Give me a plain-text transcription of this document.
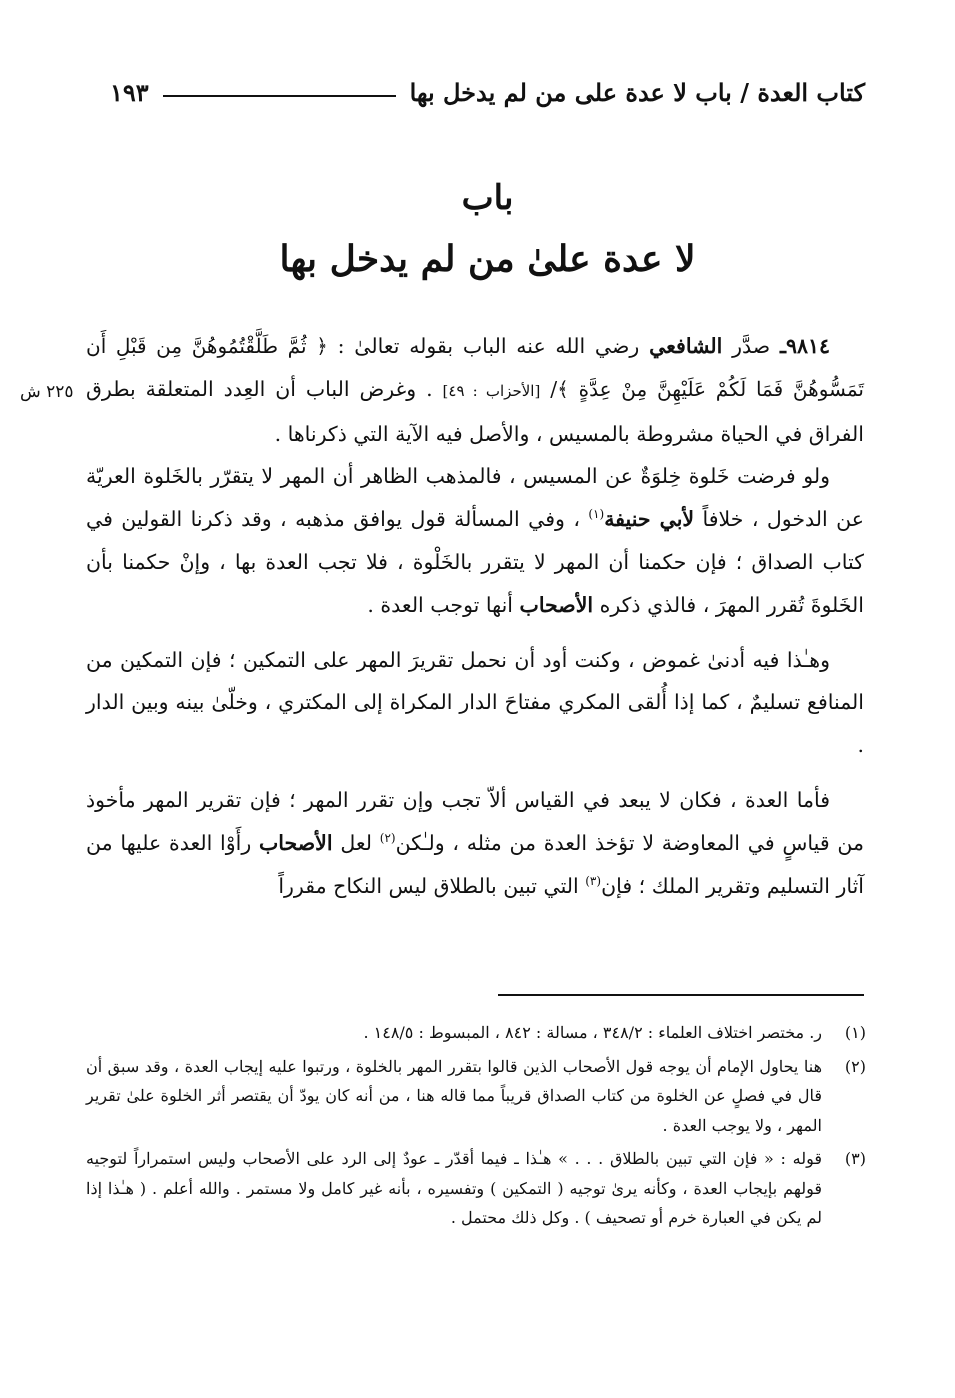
كتاب العدة / باب لا عدة على من لم يدخل بها
١٩٣
باب
لا عدة علىٰ من لم يدخل بها
٢٢٥ ش

٩٨١٤ـ صدَّر الشافعي رضي الله عنه الباب بقوله تعالىٰ : ﴿ ثُمَّ طَلَّقْتُمُوهُنَّ مِن قَبْلِ أَن تَمَسُّوهُنَّ فَمَا لَكُمْ عَلَيْهِنَّ مِنْ عِدَّةٍ ﴾/ [الأحزاب : ٤٩] . وغرض الباب أن العِدد المتعلقة بطرق الفراق في الحياة مشروطة بالمسيس ، والأصل فيه الآية التي ذكرناها .

ولو فرضت خَلوة خِلوَةٌ عن المسيس ، فالمذهب الظاهر أن المهر لا يتقرّر بالخَلوة العريّة عن الدخول ، خلافاً لأبي حنيفة$^{(١)}$ ، وفي المسألة قول يوافق مذهبه ، وقد ذكرنا القولين في كتاب الصداق ؛ فإن حكمنا أن المهر لا يتقرر بالخَلْوة ، فلا تجب العدة بها ، وإنْ حكمنا بأن الخَلوةَ تُقرر المهرَ ، فالذي ذكره الأصحاب أنها توجب العدة .

وهـٰذا فيه أدنىٰ غموض ، وكنت أود أن نحمل تقريرَ المهر على التمكين ؛ فإن التمكين من المنافع تسليمٌ ، كما إذا أُلقى المكري مفتاحَ الدار المكراة إلى المكتري ، وخلّىٰ بينه وبين الدار .

فأما العدة ، فكان لا يبعد في القياس ألاّ تجب وإن تقرر المهر ؛ فإن تقرير المهر مأخوذ من قياسٍ في المعاوضة لا تؤخذ العدة من مثله ، ولـٰكن$^{(٢)}$ لعل الأصحاب رأَوْا العدة عليها من آثار التسليم وتقرير الملك ؛ فإن$^{(٣)}$ التي تبين بالطلاق ليس النكاح مقرراً

(١)
ر. مختصر اختلاف العلماء : ٣٤٨/٢ ، مسالة : ٨٤٢ ، المبسوط : ١٤٨/٥ .
(٢)
هنا يحاول الإمام أن يوجه قول الأصحاب الذين قالوا بتقرر المهر بالخلوة ، ورتبوا عليه إيجاب العدة ، وقد سبق أن قال في فصلٍ عن الخلوة من كتاب الصداق قريباً مما قاله هنا ، من أنه كان يودّ أن يقتصر أثر الخلوة علىٰ تقرير المهر ، ولا يوجب العدة .
(٣)
قوله : « فإن التي تبين بالطلاق . . . » هـٰذا ـ فيما أقدّر ـ عودٌ إلى الرد على الأصحاب وليس استمراراً لتوجيه قولهم بإيجاب العدة ، وكأنه يرىٰ توجيه ( التمكين ) وتفسيره ، بأنه غير كامل ولا مستمر . والله أعلم . ( هـٰذا إذا لم يكن في العبارة خرم أو تصحيف ) . وكل ذلك محتمل .
